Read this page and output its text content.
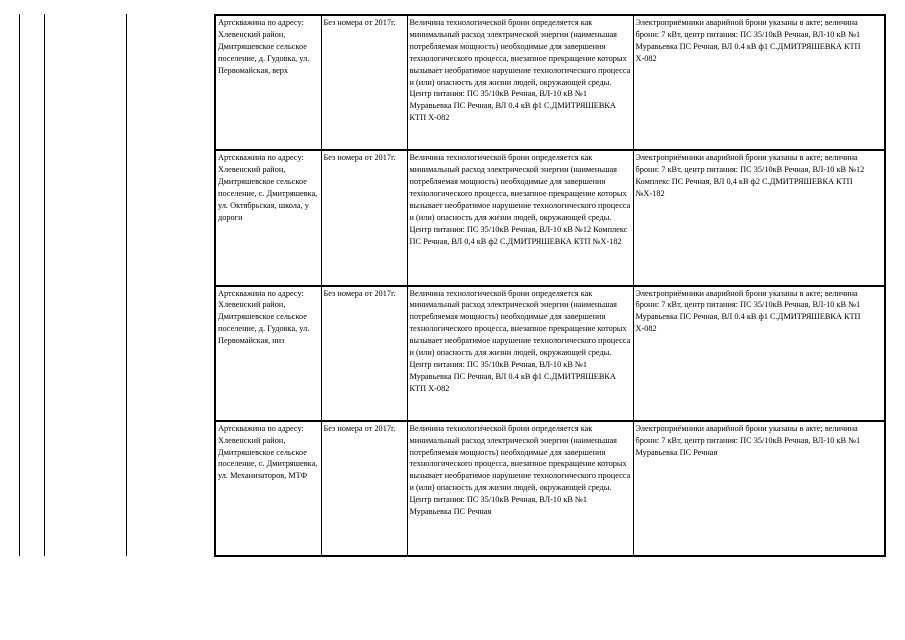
Артскважина по адресу: Хлевенский район, Дмитряшевское сельское поселение, д. Гудовка, ул. Первомайская, верх	Без номера от 2017г.	Величина технологической брони определяется как минимальный расход электрической энергии (наименьшая потребляемая мощность) необходимые для завершения технологического процесса, внезапное прекращение которых вызывает необратимое нарушение технологического процесса и (или) опасность для жизни людей, окружающей среды. Центр питания: ПС 35/10кВ Речная, ВЛ-10 кВ №1 Муравьевка ПС Речная, ВЛ 0.4 кВ ф1 С.ДМИТРЯШЕВКА КТП Х-082	Электроприёмники аварийной брони указаны в акте; величина брони: 7 кВт, центр питания: ПС 35/10кВ Речная, ВЛ-10 кВ №1 Муравьевка ПС Речная, ВЛ 0.4 кВ ф1 С.ДМИТРЯШЕВКА КТП Х-082
Артскважина по адресу: Хлевенский район, Дмитряшевское сельское поселение, с. Дмитряшевка, ул. Октябрьская, школа, у дороги	Без номера от 2017г.	Величина технологической брони определяется как минимальный расход электрической энергии (наименьшая потребляемая мощность) необходимые для завершения технологического процесса, внезапное прекращение которых вызывает необратимое нарушение технологического процесса и (или) опасность для жизни людей, окружающей среды. Центр питания: ПС 35/10кВ Речная, ВЛ-10 кВ №12 Комплекс ПС Речная, ВЛ 0,4 кВ ф2 С.ДМИТРЯШЕВКА КТП №Х-182	Электроприёмники аварийной брони указаны в акте; величина брони: 7 кВт, центр питания: ПС 35/10кВ Речная, ВЛ-10 кВ №12 Комплекс ПС Речная, ВЛ 0,4 кВ ф2 С.ДМИТРЯШЕВКА КТП №Х-182
Артскважина по адресу: Хлевенский район, Дмитряшевское сельское поселение, д. Гудовка, ул. Первомайская, низ	Без номера от 2017г.	Величина технологической брони определяется как минимальный расход электрической энергии (наименьшая потребляемая мощность) необходимые для завершения технологического процесса, внезапное прекращение которых вызывает необратимое нарушение технологического процесса и (или) опасность для жизни людей, окружающей среды. Центр питания: ПС 35/10кВ Речная, ВЛ-10 кВ №1 Муравьевка ПС Речная, ВЛ 0.4 кВ ф1 С.ДМИТРЯШЕВКА КТП Х-082	Электроприёмники аварийной брони указаны в акте; величина брони: 7 кВт, центр питания: ПС 35/10кВ Речная, ВЛ-10 кВ №1 Муравьевка ПС Речная, ВЛ 0.4 кВ ф1 С.ДМИТРЯШЕВКА КТП Х-082
Артскважина по адресу: Хлевенский район, Дмитряшевское сельское поселение, с. Дмитряшевка, ул. Механизаторов, МТФ	Без номера от 2017г.	Величина технологической брони определяется как минимальный расход электрической энергии (наименьшая потребляемая мощность) необходимые для завершения технологического процесса, внезапное прекращение которых вызывает необратимое нарушение технологического процесса и (или) опасность для жизни людей, окружающей среды. Центр питания: ПС 35/10кВ Речная, ВЛ-10 кВ №1 Муравьевка ПС Речная	Электроприёмники аварийной брони указаны в акте; величина брони: 7 кВт, центр питания: ПС 35/10кВ Речная, ВЛ-10 кВ №1 Муравьевка ПС Речная
